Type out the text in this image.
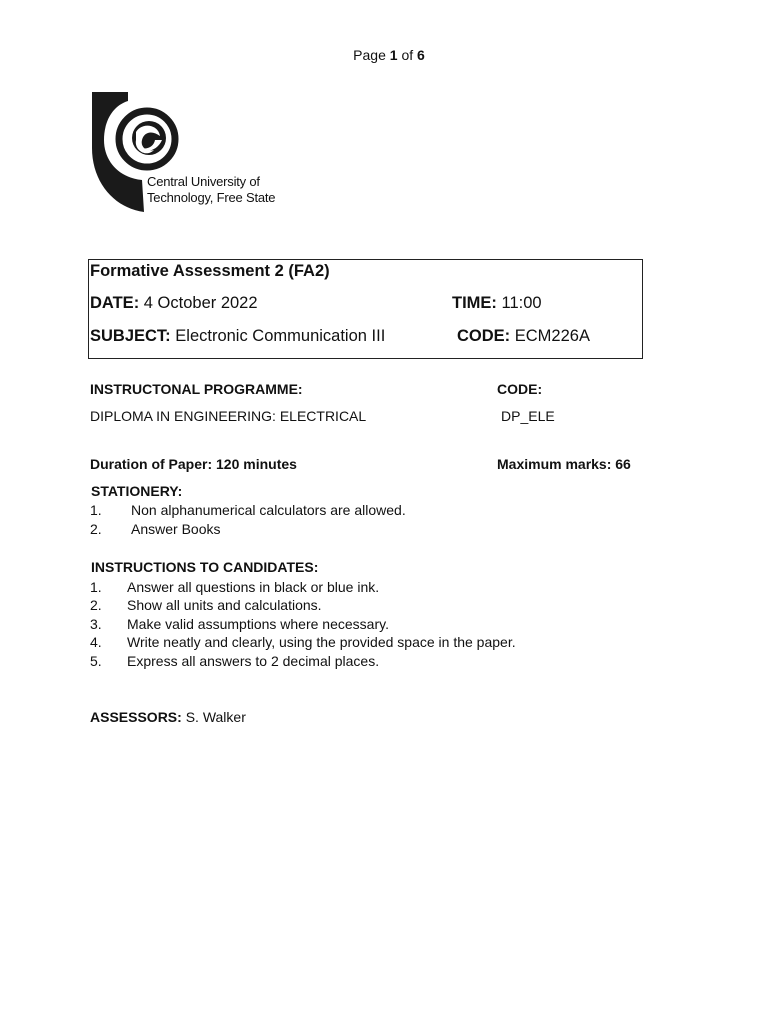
Page 1 of 6
Central University of
Technology, Free State
Formative Assessment 2 (FA2)
DATE: 4 October 2022	TIME: 11:00
SUBJECT: Electronic Communication III	CODE: ECM226A
INSTRUCTONAL PROGRAMME:	CODE:
DIPLOMA IN ENGINEERING: ELECTRICAL	DP_ELE
Duration of Paper: 120 minutes	Maximum marks: 66
STATIONERY:
1. Non alphanumerical calculators are allowed.
2. Answer Books
INSTRUCTIONS TO CANDIDATES:
1. Answer all questions in black or blue ink.
2. Show all units and calculations.
3. Make valid assumptions where necessary.
4. Write neatly and clearly, using the provided space in the paper.
5. Express all answers to 2 decimal places.
ASSESSORS: S. Walker
